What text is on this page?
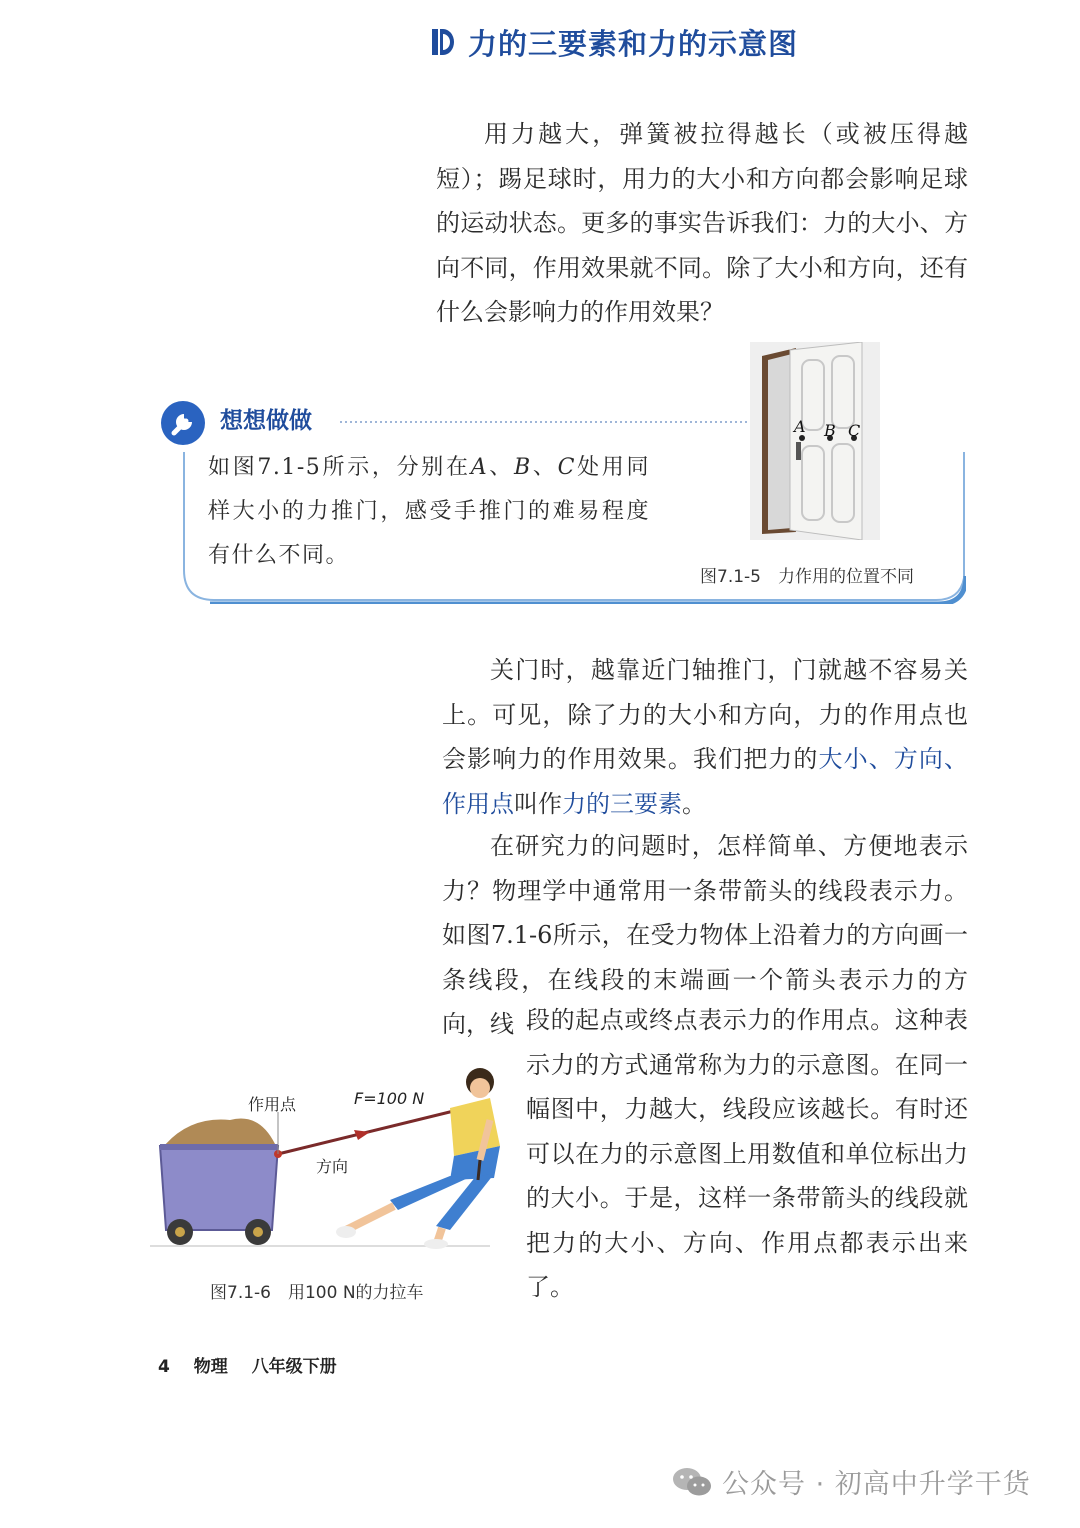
力的三要素和力的示意图

用力越大，弹簧被拉得越长（或被压得越短）；踢足球时，用力的大小和方向都会影响足球的运动状态。更多的事实告诉我们：力的大小、方向不同，作用效果就不同。除了大小和方向，还有什么会影响力的作用效果？

想想做做
如图7.1-5所示，分别在A、B、C处用同样大小的力推门，感受手推门的难易程度有什么不同。
A B C
图7.1-5　力作用的位置不同

关门时，越靠近门轴推门，门就越不容易关上。可见，除了力的大小和方向，力的作用点也会影响力的作用效果。我们把力的大小、方向、作用点叫作力的三要素。

在研究力的问题时，怎样简单、方便地表示力？物理学中通常用一条带箭头的线段表示力。如图7.1-6所示，在受力物体上沿着力的方向画一条线段，在线段的末端画一个箭头表示力的方向，线 段的起点或终点表示力的作用点。这种表示力的方式通常称为力的示意图。在同一幅图中，力越大，线段应该越长。有时还可以在力的示意图上用数值和单位标出力的大小。于是，这样一条带箭头的线段就把力的大小、方向、作用点都表示出来了。

作用点	F=100 N
方向
图7.1-6　用100 N的力拉车
4 物理 八年级下册
公众号 · 初高中升学干货
